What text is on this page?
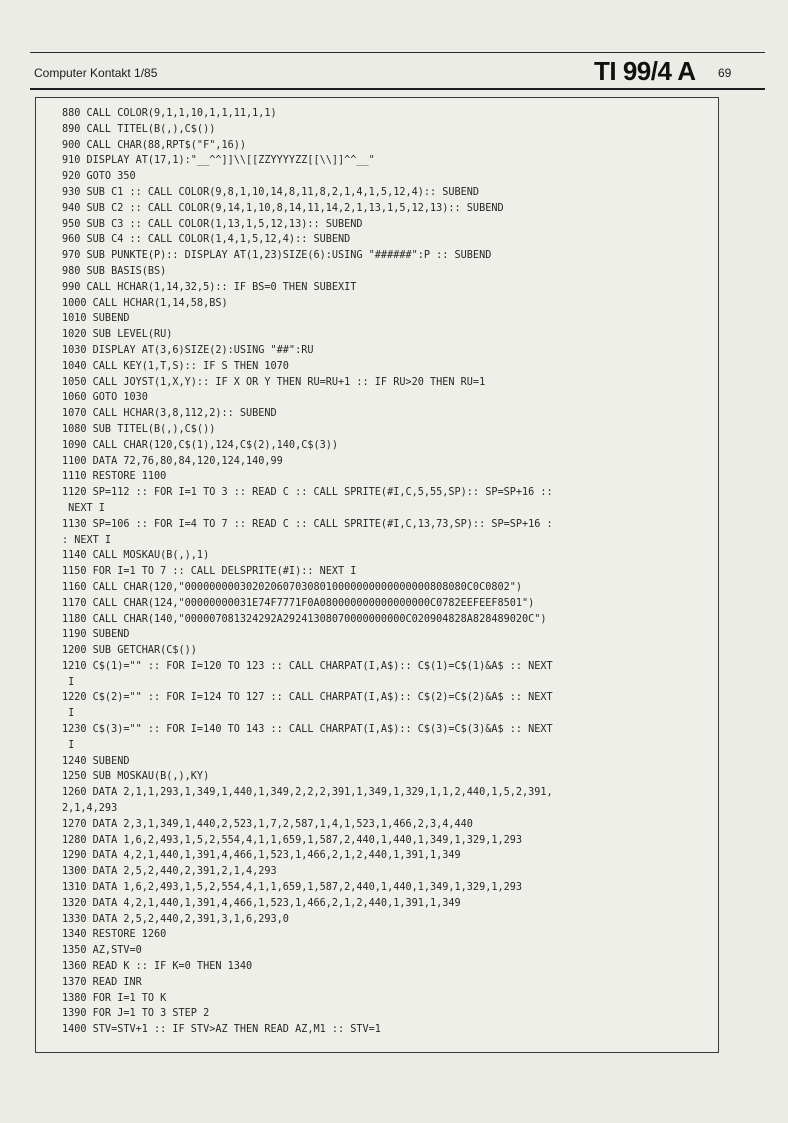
Computer Kontakt 1/85	TI 99/4 A 69
880 CALL COLOR(9,1,1,10,1,1,11,1,1)
890 CALL TITEL(B(,),C$())
900 CALL CHAR(88,RPT$("F",16))
910 DISPLAY AT(17,1):"__^^]]\\[[ZZYYYYZZ[[\\]]^^__"
920 GOTO 350
930 SUB C1 :: CALL COLOR(9,8,1,10,14,8,11,8,2,1,4,1,5,12,4):: SUBEND
940 SUB C2 :: CALL COLOR(9,14,1,10,8,14,11,14,2,1,13,1,5,12,13):: SUBEND
950 SUB C3 :: CALL COLOR(1,13,1,5,12,13):: SUBEND
960 SUB C4 :: CALL COLOR(1,4,1,5,12,4):: SUBEND
970 SUB PUNKTE(P):: DISPLAY AT(1,23)SIZE(6):USING "######":P :: SUBEND
980 SUB BASIS(BS)
990 CALL HCHAR(1,14,32,5):: IF BS=0 THEN SUBEXIT
1000 CALL HCHAR(1,14,58,BS)
1010 SUBEND
1020 SUB LEVEL(RU)
1030 DISPLAY AT(3,6)SIZE(2):USING "##":RU
1040 CALL KEY(1,T,S):: IF S THEN 1070
1050 CALL JOYST(1,X,Y):: IF X OR Y THEN RU=RU+1 :: IF RU>20 THEN RU=1
1060 GOTO 1030
1070 CALL HCHAR(3,8,112,2):: SUBEND
1080 SUB TITEL(B(,),C$())
1090 CALL CHAR(120,C$(1),124,C$(2),140,C$(3))
1100 DATA 72,76,80,84,120,124,140,99
1110 RESTORE 1100
1120 SP=112 :: FOR I=1 TO 3 :: READ C :: CALL SPRITE(#I,C,5,55,SP):: SP=SP+16 ::
NEXT I
1130 SP=106 :: FOR I=4 TO 7 :: READ C :: CALL SPRITE(#I,C,13,73,SP):: SP=SP+16 :
: NEXT I
1140 CALL MOSKAU(B(,),1)
1150 FOR I=1 TO 7 :: CALL DELSPRITE(#I):: NEXT I
1160 CALL CHAR(120,"0000000003020206070308010000000000000000808080C0C0802")
1170 CALL CHAR(124,"00000000031E74F7771F0A080000000000000000C0782EEFEEF8501")
1180 CALL CHAR(140,"000007081324292A29241308070000000000C020904828A828489020C")
1190 SUBEND
1200 SUB GETCHAR(C$())
1210 C$(1)="" :: FOR I=120 TO 123 :: CALL CHARPAT(I,A$):: C$(1)=C$(1)&A$ :: NEXT
I
1220 C$(2)="" :: FOR I=124 TO 127 :: CALL CHARPAT(I,A$):: C$(2)=C$(2)&A$ :: NEXT
I
1230 C$(3)="" :: FOR I=140 TO 143 :: CALL CHARPAT(I,A$):: C$(3)=C$(3)&A$ :: NEXT
I
1240 SUBEND
1250 SUB MOSKAU(B(,),KY)
1260 DATA 2,1,1,293,1,349,1,440,1,349,2,2,2,391,1,349,1,329,1,1,2,440,1,5,2,391,
2,1,4,293
1270 DATA 2,3,1,349,1,440,2,523,1,7,2,587,1,4,1,523,1,466,2,3,4,440
1280 DATA 1,6,2,493,1,5,2,554,4,1,1,659,1,587,2,440,1,440,1,349,1,329,1,293
1290 DATA 4,2,1,440,1,391,4,466,1,523,1,466,2,1,2,440,1,391,1,349
1300 DATA 2,5,2,440,2,391,2,1,4,293
1310 DATA 1,6,2,493,1,5,2,554,4,1,1,659,1,587,2,440,1,440,1,349,1,329,1,293
1320 DATA 4,2,1,440,1,391,4,466,1,523,1,466,2,1,2,440,1,391,1,349
1330 DATA 2,5,2,440,2,391,3,1,6,293,0
1340 RESTORE 1260
1350 AZ,STV=0
1360 READ K :: IF K=0 THEN 1340
1370 READ INR
1380 FOR I=1 TO K
1390 FOR J=1 TO 3 STEP 2
1400 STV=STV+1 :: IF STV>AZ THEN READ AZ,M1 :: STV=1
